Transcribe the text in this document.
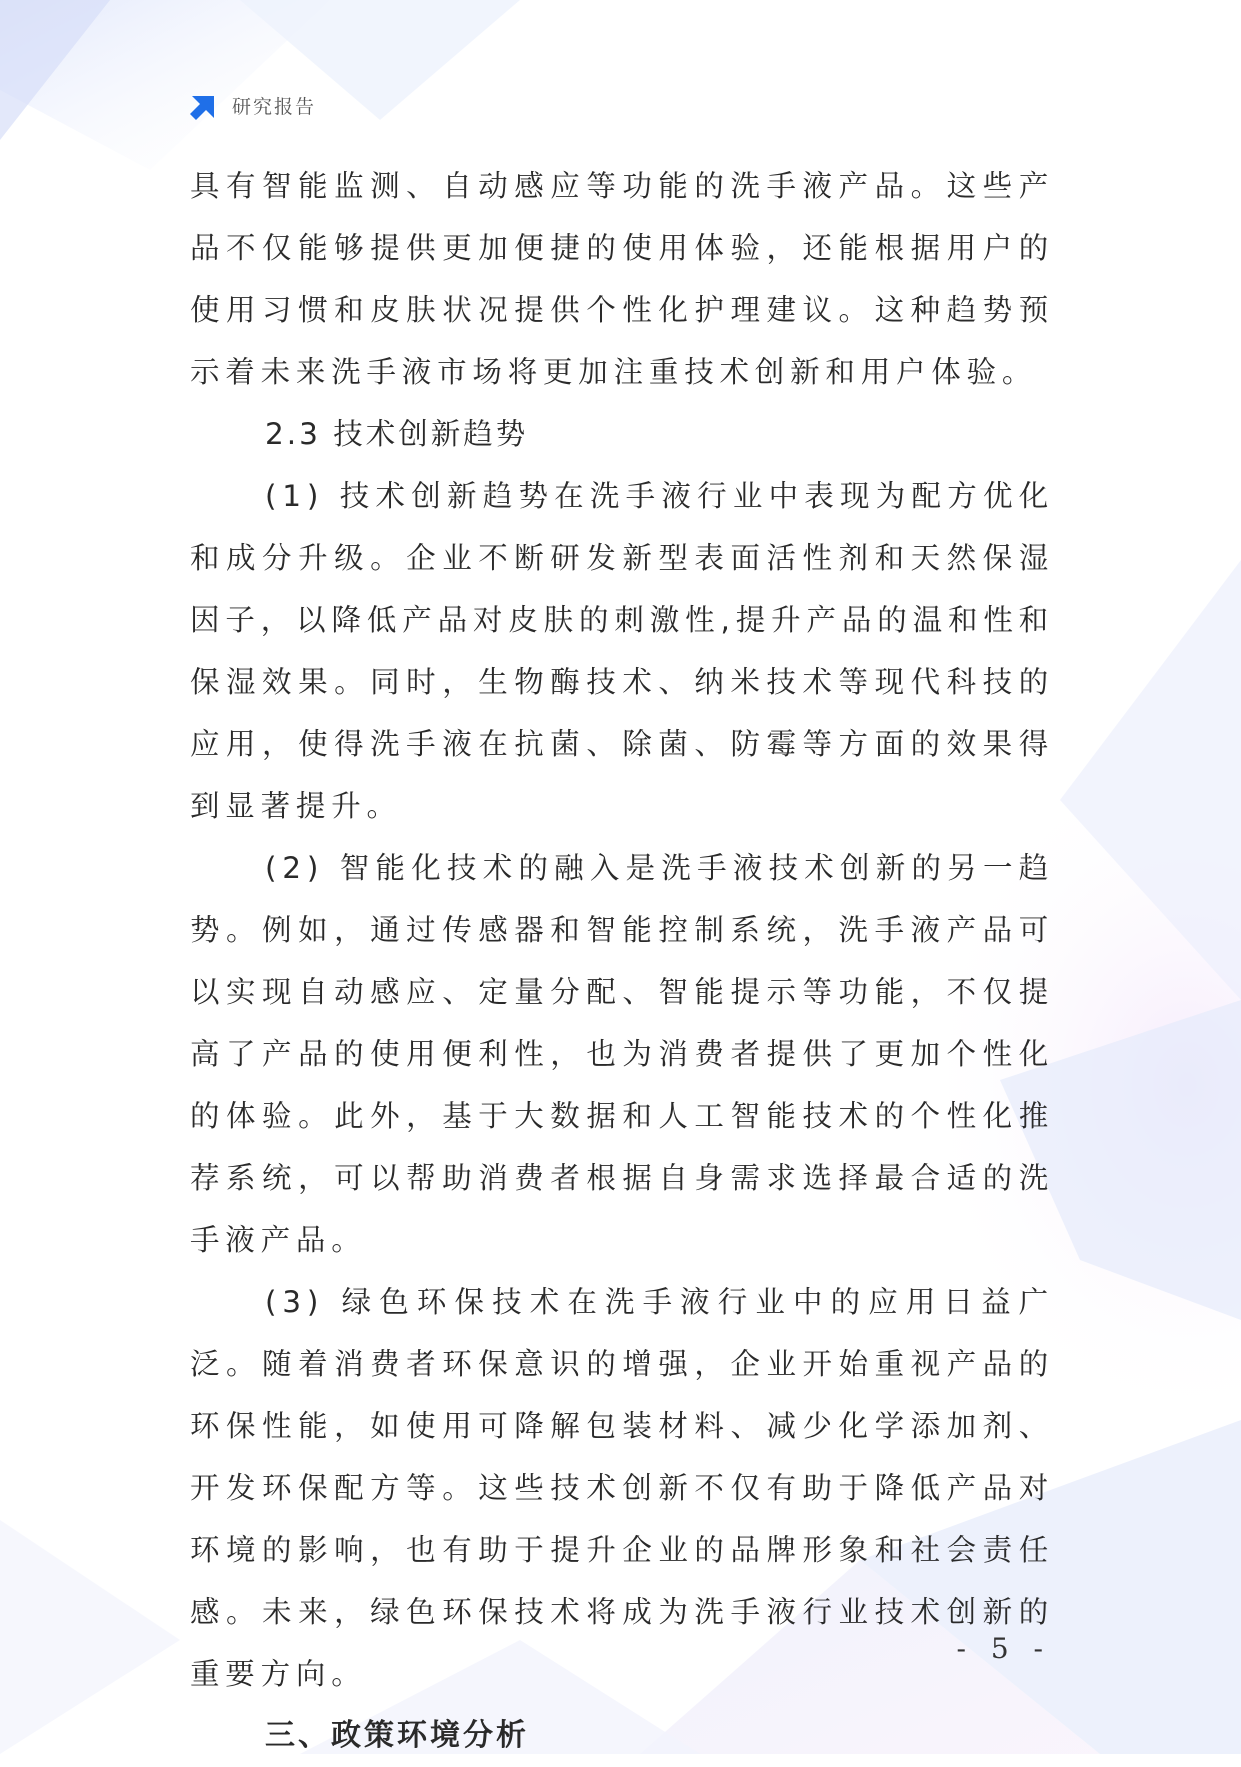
研究报告

具有智能监测、自动感应等功能的洗手液产品。这些产品不仅能够提供更加便捷的使用体验，还能根据用户的使用习惯和皮肤状况提供个性化护理建议。这种趋势预示着未来洗手液市场将更加注重技术创新和用户体验。

2.3 技术创新趋势

(1) 技术创新趋势在洗手液行业中表现为配方优化和成分升级。企业不断研发新型表面活性剂和天然保湿因子，以降低产品对皮肤的刺激性,提升产品的温和性和保湿效果。同时，生物酶技术、纳米技术等现代科技的应用，使得洗手液在抗菌、除菌、防霉等方面的效果得到显著提升。

(2) 智能化技术的融入是洗手液技术创新的另一趋势。例如，通过传感器和智能控制系统，洗手液产品可以实现自动感应、定量分配、智能提示等功能，不仅提高了产品的使用便利性，也为消费者提供了更加个性化的体验。此外，基于大数据和人工智能技术的个性化推荐系统，可以帮助消费者根据自身需求选择最合适的洗手液产品。

(3) 绿色环保技术在洗手液行业中的应用日益广泛。随着消费者环保意识的增强，企业开始重视产品的环保性能，如使用可降解包装材料、减少化学添加剂、开发环保配方等。这些技术创新不仅有助于降低产品对环境的影响，也有助于提升企业的品牌形象和社会责任感。未来，绿色环保技术将成为洗手液行业技术创新的重要方向。

三、政策环境分析
- 5 -
